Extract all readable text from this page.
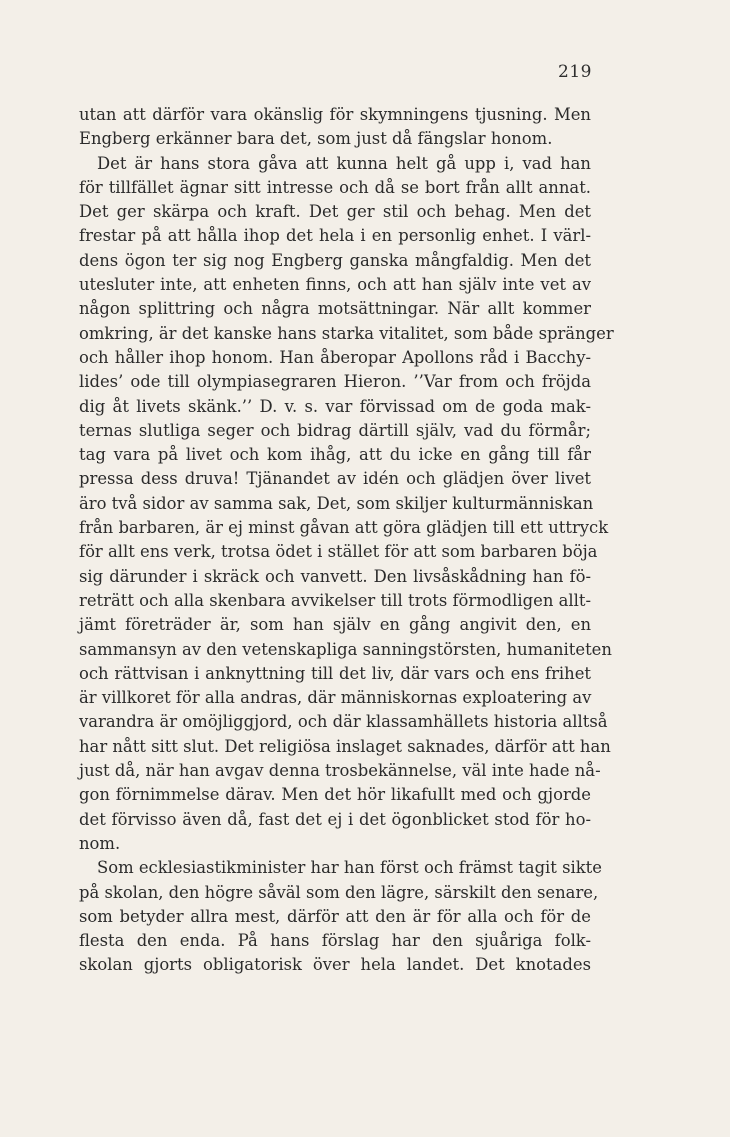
219
utan att därför vara okänslig för skymningens tjusning. Men
Engberg erkänner bara det, som just då fängslar honom.
Det är hans stora gåva att kunna helt gå upp i, vad han
för tillfället ägnar sitt intresse och då se bort från allt annat.
Det ger skärpa och kraft. Det ger stil och behag. Men det
frestar på att hålla ihop det hela i en personlig enhet. I värl-
dens ögon ter sig nog Engberg ganska mångfaldig. Men det
utesluter inte, att enheten finns, och att han själv inte vet av
någon splittring och några motsättningar. När allt kommer
omkring, är det kanske hans starka vitalitet, som både spränger
och håller ihop honom. Han åberopar Apollons råd i Bacchy-
lides’ ode till olympiasegraren Hieron. ’’Var from och fröjda
dig åt livets skänk.’’ D. v. s. var förvissad om de goda mak-
ternas slutliga seger och bidrag därtill själv, vad du förmår;
tag vara på livet och kom ihåg, att du icke en gång till får
pressa dess druva! Tjänandet av idén och glädjen över livet
äro två sidor av samma sak, Det, som skiljer kulturmänniskan
från barbaren, är ej minst gåvan att göra glädjen till ett uttryck
för allt ens verk, trotsa ödet i stället för att som barbaren böja
sig därunder i skräck och vanvett. Den livsåskådning han fö-
reträtt och alla skenbara avvikelser till trots förmodligen allt-
jämt företräder är, som han själv en gång angivit den, en
sammansyn av den vetenskapliga sanningstörsten, humaniteten
och rättvisan i anknyttning till det liv, där vars och ens frihet
är villkoret för alla andras, där människornas exploatering av
varandra är omöjliggjord, och där klassamhällets historia alltså
har nått sitt slut. Det religiösa inslaget saknades, därför att han
just då, när han avgav denna trosbekännelse, väl inte hade nå-
gon förnimmelse därav. Men det hör likafullt med och gjorde
det förvisso även då, fast det ej i det ögonblicket stod för ho-
nom.
Som ecklesiastikminister har han först och främst tagit sikte
på skolan, den högre såväl som den lägre, särskilt den senare,
som betyder allra mest, därför att den är för alla och för de
flesta den enda. På hans förslag har den sjuåriga folk-
skolan gjorts obligatorisk över hela landet. Det knotades
